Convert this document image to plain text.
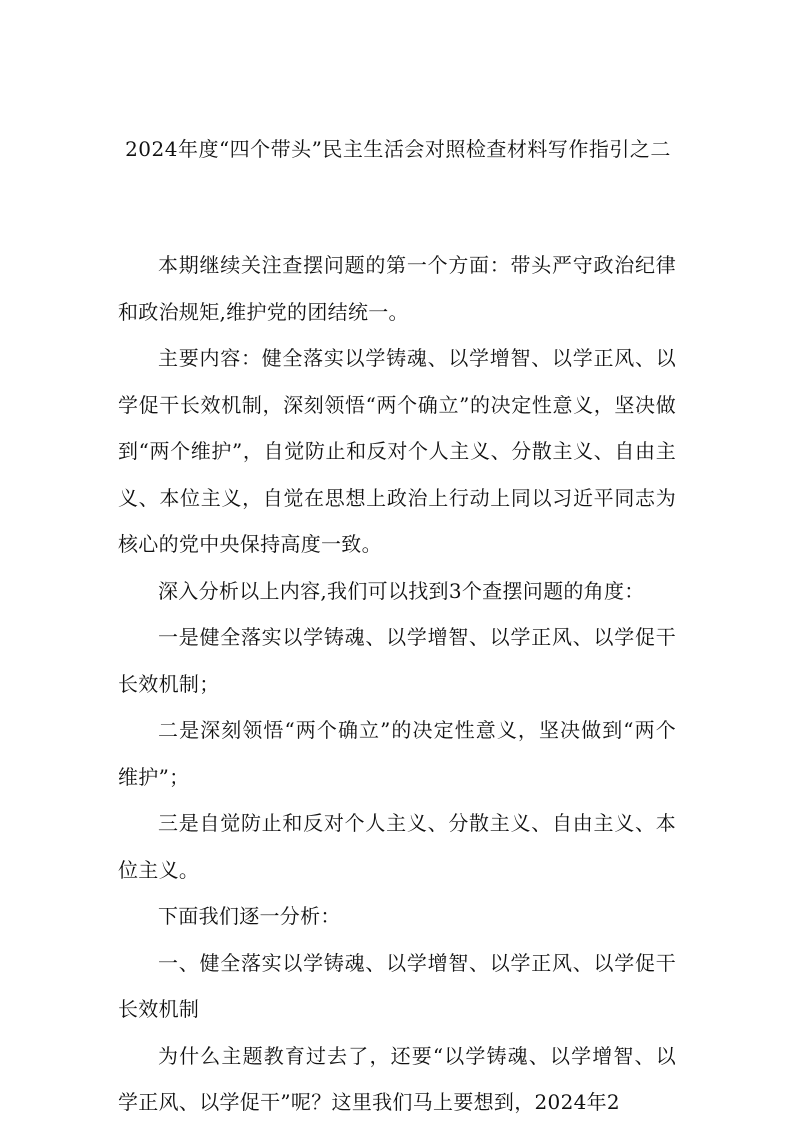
2024年度“四个带头”民主生活会对照检查材料写作指引之二

本期继续关注查摆问题的第一个方面：带头严守政治纪律和政治规矩,维护党的团结统一。

主要内容：健全落实以学铸魂、以学增智、以学正风、以学促干长效机制，深刻领悟“两个确立”的决定性意义，坚决做到“两个维护”，自觉防止和反对个人主义、分散主义、自由主义、本位主义，自觉在思想上政治上行动上同以习近平同志为核心的党中央保持高度一致。

深入分析以上内容,我们可以找到3个查摆问题的角度：

一是健全落实以学铸魂、以学增智、以学正风、以学促干长效机制；

二是深刻领悟“两个确立”的决定性意义，坚决做到“两个维护”；

三是自觉防止和反对个人主义、分散主义、自由主义、本位主义。

下面我们逐一分析：

一、健全落实以学铸魂、以学增智、以学正风、以学促干长效机制

为什么主题教育过去了，还要“以学铸魂、以学增智、以学正风、以学促干”呢？这里我们马上要想到，2024年2
